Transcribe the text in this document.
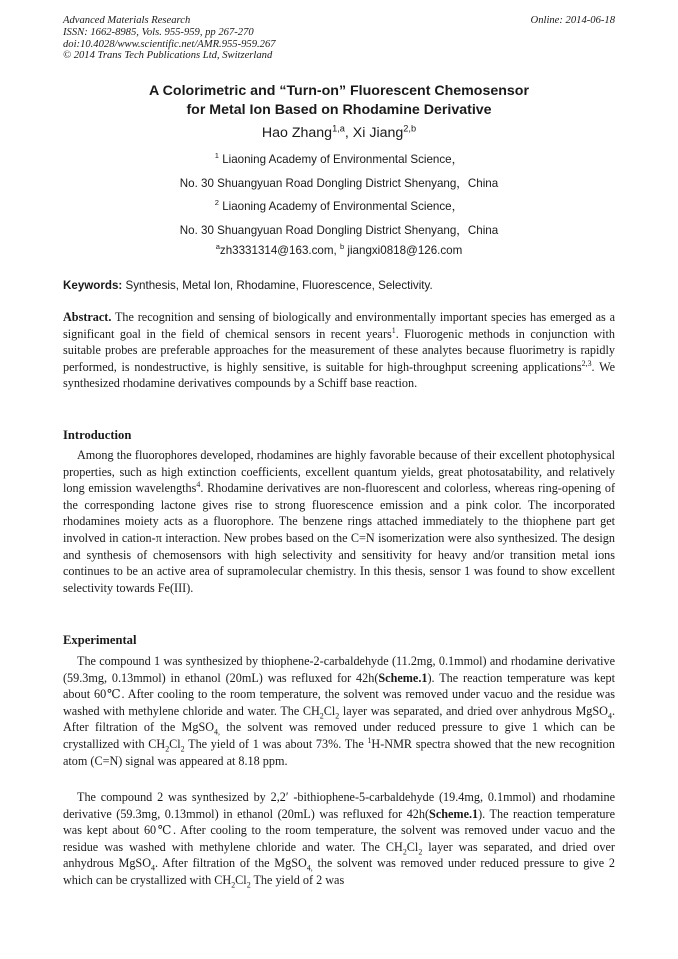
Advanced Materials Research
ISSN: 1662-8985, Vols. 955-959, pp 267-270
doi:10.4028/www.scientific.net/AMR.955-959.267
© 2014 Trans Tech Publications Ltd, Switzerland
Online: 2014-06-18
A Colorimetric and “Turn-on” Fluorescent Chemosensor
for Metal Ion Based on Rhodamine Derivative
Hao Zhang$^{1,a}$, Xi Jiang$^{2,b}$
$^1$ Liaoning Academy of Environmental Science，
No. 30 Shuangyuan Road Dongling District Shenyang，China
$^2$ Liaoning Academy of Environmental Science，
No. 30 Shuangyuan Road Dongling District Shenyang，China
$^a$zh3331314@163.com, $^b$ jiangxi0818@126.com
Keywords: Synthesis, Metal Ion, Rhodamine, Fluorescence, Selectivity.
Abstract. The recognition and sensing of biologically and environmentally important species has emerged as a significant goal in the field of chemical sensors in recent years$^1$. Fluorogenic methods in conjunction with suitable probes are preferable approaches for the measurement of these analytes because fluorimetry is rapidly performed, is nondestructive, is highly sensitive, is suitable for high-throughput screening applications$^{2,3}$. We synthesized rhodamine derivatives compounds by a Schiff base reaction.
Introduction
Among the fluorophores developed, rhodamines are highly favorable because of their excellent photophysical properties, such as high extinction coefficients, excellent quantum yields, great photosatability, and relatively long emission wavelengths$^4$. Rhodamine derivatives are non-fluorescent and colorless, whereas ring-opening of the corresponding lactone gives rise to strong fluorescence emission and a pink color. The incorporated rhodamines moiety acts as a fluorophore. The benzene rings attached immediately to the thiophene part get involved in cation-π interaction. New probes based on the C=N isomerization were also synthesized. The design and synthesis of chemosensors with high selectivity and sensitivity for heavy and/or transition metal ions continues to be an active area of supramolecular chemistry. In this thesis, sensor 1 was found to show excellent selectivity towards Fe(III).
Experimental
The compound 1 was synthesized by thiophene-2-carbaldehyde (11.2mg, 0.1mmol) and rhodamine derivative (59.3mg, 0.13mmol) in ethanol (20mL) was refluxed for 42h(Scheme.1). The reaction temperature was kept about 60℃. After cooling to the room temperature, the solvent was removed under vacuo and the residue was washed with methylene chloride and water. The $CH_2Cl_2$ layer was separated, and dried over anhydrous MgSO$_4$. After filtration of the MgSO$_{4,}$ the solvent was removed under reduced pressure to give 1 which can be crystallized with $CH_2Cl_2$ The yield of 1 was about 73%. The $^1$H-NMR spectra showed that the new recognition atom (C=N) signal was appeared at 8.18 ppm.
The compound 2 was synthesized by 2,2′ -bithiophene-5-carbaldehyde (19.4mg, 0.1mmol) and rhodamine derivative (59.3mg, 0.13mmol) in ethanol (20mL) was refluxed for 42h(Scheme.1). The reaction temperature was kept about 60℃. After cooling to the room temperature, the solvent was removed under vacuo and the residue was washed with methylene chloride and water. The $CH_2Cl_2$ layer was separated, and dried over anhydrous MgSO$_4$. After filtration of the MgSO$_{4,}$ the solvent was removed under reduced pressure to give 2 which can be crystallized with $CH_2Cl_2$ The yield of 2 was
